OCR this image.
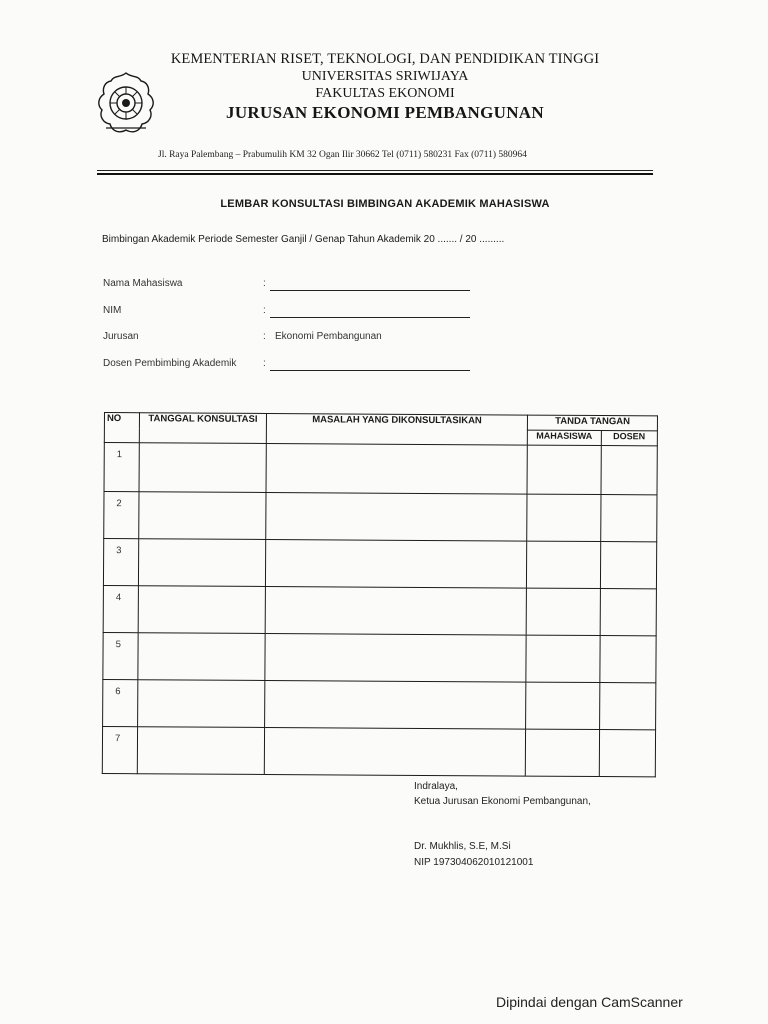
KEMENTERIAN RISET, TEKNOLOGI, DAN PENDIDIKAN TINGGI
UNIVERSITAS SRIWIJAYA
FAKULTAS EKONOMI
JURUSAN EKONOMI PEMBANGUNAN
Jl. Raya Palembang – Prabumulih KM 32 Ogan Ilir 30662 Tel (0711) 580231 Fax (0711) 580964
LEMBAR KONSULTASI BIMBINGAN AKADEMIK MAHASISWA
Bimbingan Akademik Periode Semester Ganjil / Genap Tahun Akademik 20 ....... / 20 .........
Nama Mahasiswa	:
NIM	:
Jurusan	: Ekonomi Pembangunan
Dosen Pembimbing Akademik	:
NO	TANGGAL KONSULTASI	MASALAH YANG DIKONSULTASIKAN	TANDA TANGAN	
			MAHASISWA	DOSEN
1				
2				
3				
4				
5				
6				
7				
Indralaya,
Ketua Jurusan Ekonomi Pembangunan,
Dr. Mukhlis, S.E, M.Si
NIP 197304062010121001
Dipindai dengan CamScanner
